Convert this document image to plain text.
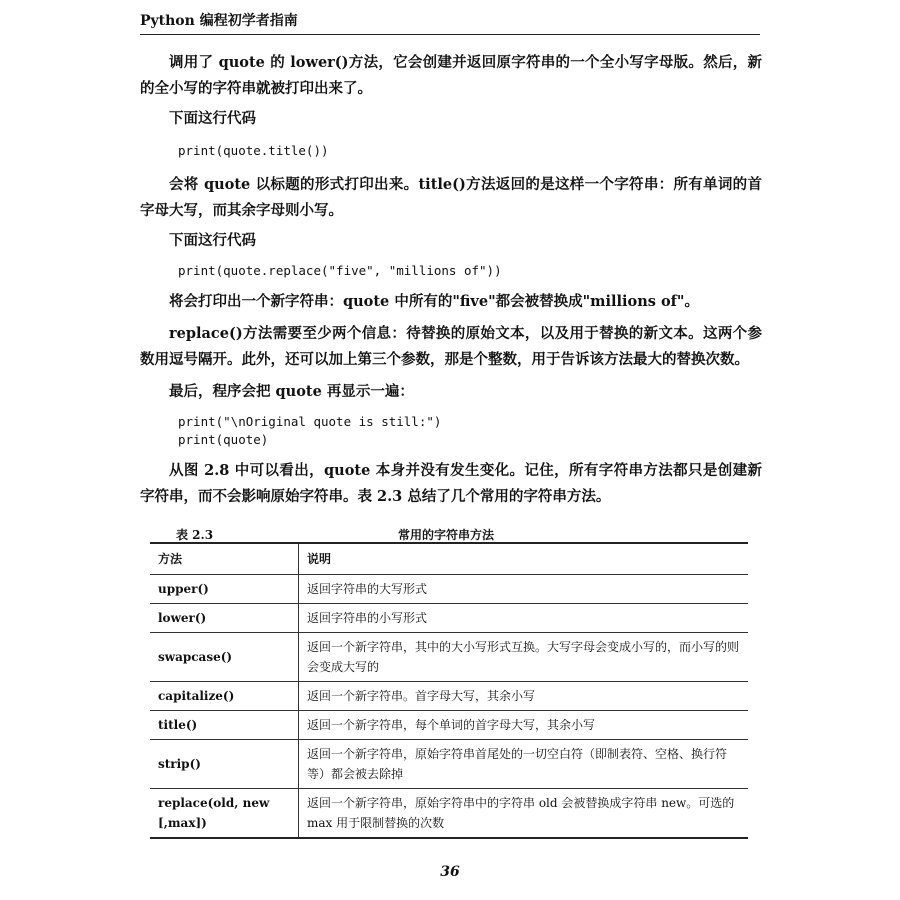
Python 编程初学者指南

调用了 quote 的 lower()方法，它会创建并返回原字符串的一个全小写字母版。然后，新的全小写的字符串就被打印出来了。

下面这行代码

print(quote.title())

会将 quote 以标题的形式打印出来。title()方法返回的是这样一个字符串：所有单词的首字母大写，而其余字母则小写。

下面这行代码

print(quote.replace("five", "millions of"))

将会打印出一个新字符串：quote 中所有的"five"都会被替换成"millions of"。

replace()方法需要至少两个信息：待替换的原始文本，以及用于替换的新文本。这两个参数用逗号隔开。此外，还可以加上第三个参数，那是个整数，用于告诉该方法最大的替换次数。

最后，程序会把 quote 再显示一遍：

print("\nOriginal quote is still:")
print(quote)

从图 2.8 中可以看出，quote 本身并没有发生变化。记住，所有字符串方法都只是创建新字符串，而不会影响原始字符串。表 2.3 总结了几个常用的字符串方法。

表 2.3	常用的字符串方法
方法	说明
upper()	返回字符串的大写形式
lower()	返回字符串的小写形式
swapcase()	返回一个新字符串，其中的大小写形式互换。大写字母会变成小写的，而小写的则会变成大写的
capitalize()	返回一个新字符串。首字母大写，其余小写
title()	返回一个新字符串，每个单词的首字母大写，其余小写
strip()	返回一个新字符串，原始字符串首尾处的一切空白符（即制表符、空格、换行符等）都会被去除掉
replace(old, new [,max])	返回一个新字符串，原始字符串中的字符串 old 会被替换成字符串 new。可选的 max 用于限制替换的次数
36
